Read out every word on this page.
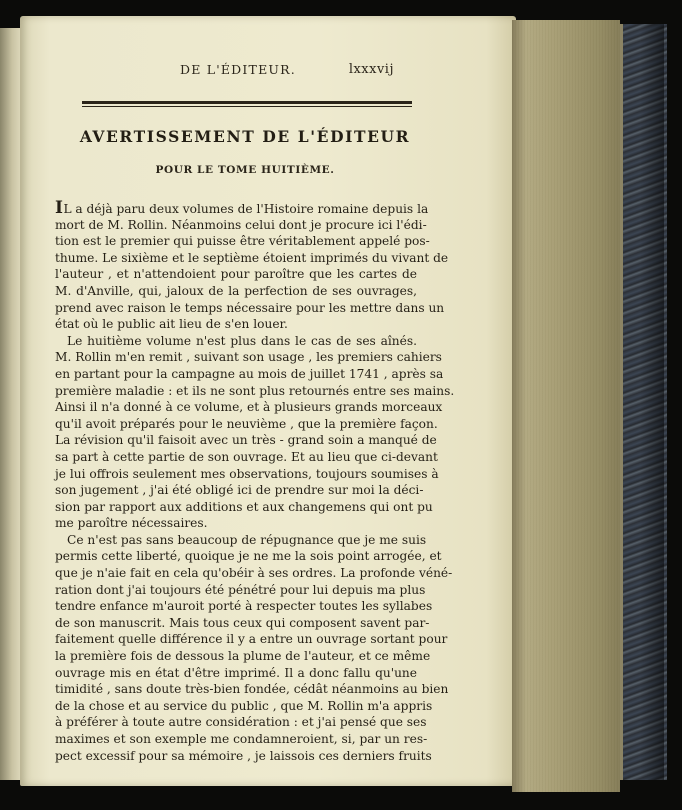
DE L'ÉDITEUR.	lxxxvij
AVERTISSEMENT DE L'ÉDITEUR
POUR LE TOME HUITIÈME.
IL a déjà paru deux volumes de l'Histoire romaine depuis la
mort de M. Rollin. Néanmoins celui dont je procure ici l'édi-
tion est le premier qui puisse être véritablement appelé pos-
thume. Le sixième et le septième étoient imprimés du vivant de
l'auteur , et n'attendoient pour paroître que les cartes de
M. d'Anville, qui, jaloux de la perfection de ses ouvrages,
prend avec raison le temps nécessaire pour les mettre dans un
état où le public ait lieu de s'en louer.
Le huitième volume n'est plus dans le cas de ses aînés.
M. Rollin m'en remit , suivant son usage , les premiers cahiers
en partant pour la campagne au mois de juillet 1741 , après sa
première maladie : et ils ne sont plus retournés entre ses mains.
Ainsi il n'a donné à ce volume, et à plusieurs grands morceaux
qu'il avoit préparés pour le neuvième , que la première façon.
La révision qu'il faisoit avec un très - grand soin a manqué de
sa part à cette partie de son ouvrage. Et au lieu que ci-devant
je lui offrois seulement mes observations, toujours soumises à
son jugement , j'ai été obligé ici de prendre sur moi la déci-
sion par rapport aux additions et aux changemens qui ont pu
me paroître nécessaires.
Ce n'est pas sans beaucoup de répugnance que je me suis
permis cette liberté, quoique je ne me la sois point arrogée, et
que je n'aie fait en cela qu'obéir à ses ordres. La profonde véné-
ration dont j'ai toujours été pénétré pour lui depuis ma plus
tendre enfance m'auroit porté à respecter toutes les syllabes
de son manuscrit. Mais tous ceux qui composent savent par-
faitement quelle différence il y a entre un ouvrage sortant pour
la première fois de dessous la plume de l'auteur, et ce même
ouvrage mis en état d'être imprimé. Il a donc fallu qu'une
timidité , sans doute très-bien fondée, cédât néanmoins au bien
de la chose et au service du public , que M. Rollin m'a appris
à préférer à toute autre considération : et j'ai pensé que ses
maximes et son exemple me condamneroient, si, par un res-
pect excessif pour sa mémoire , je laissois ces derniers fruits
